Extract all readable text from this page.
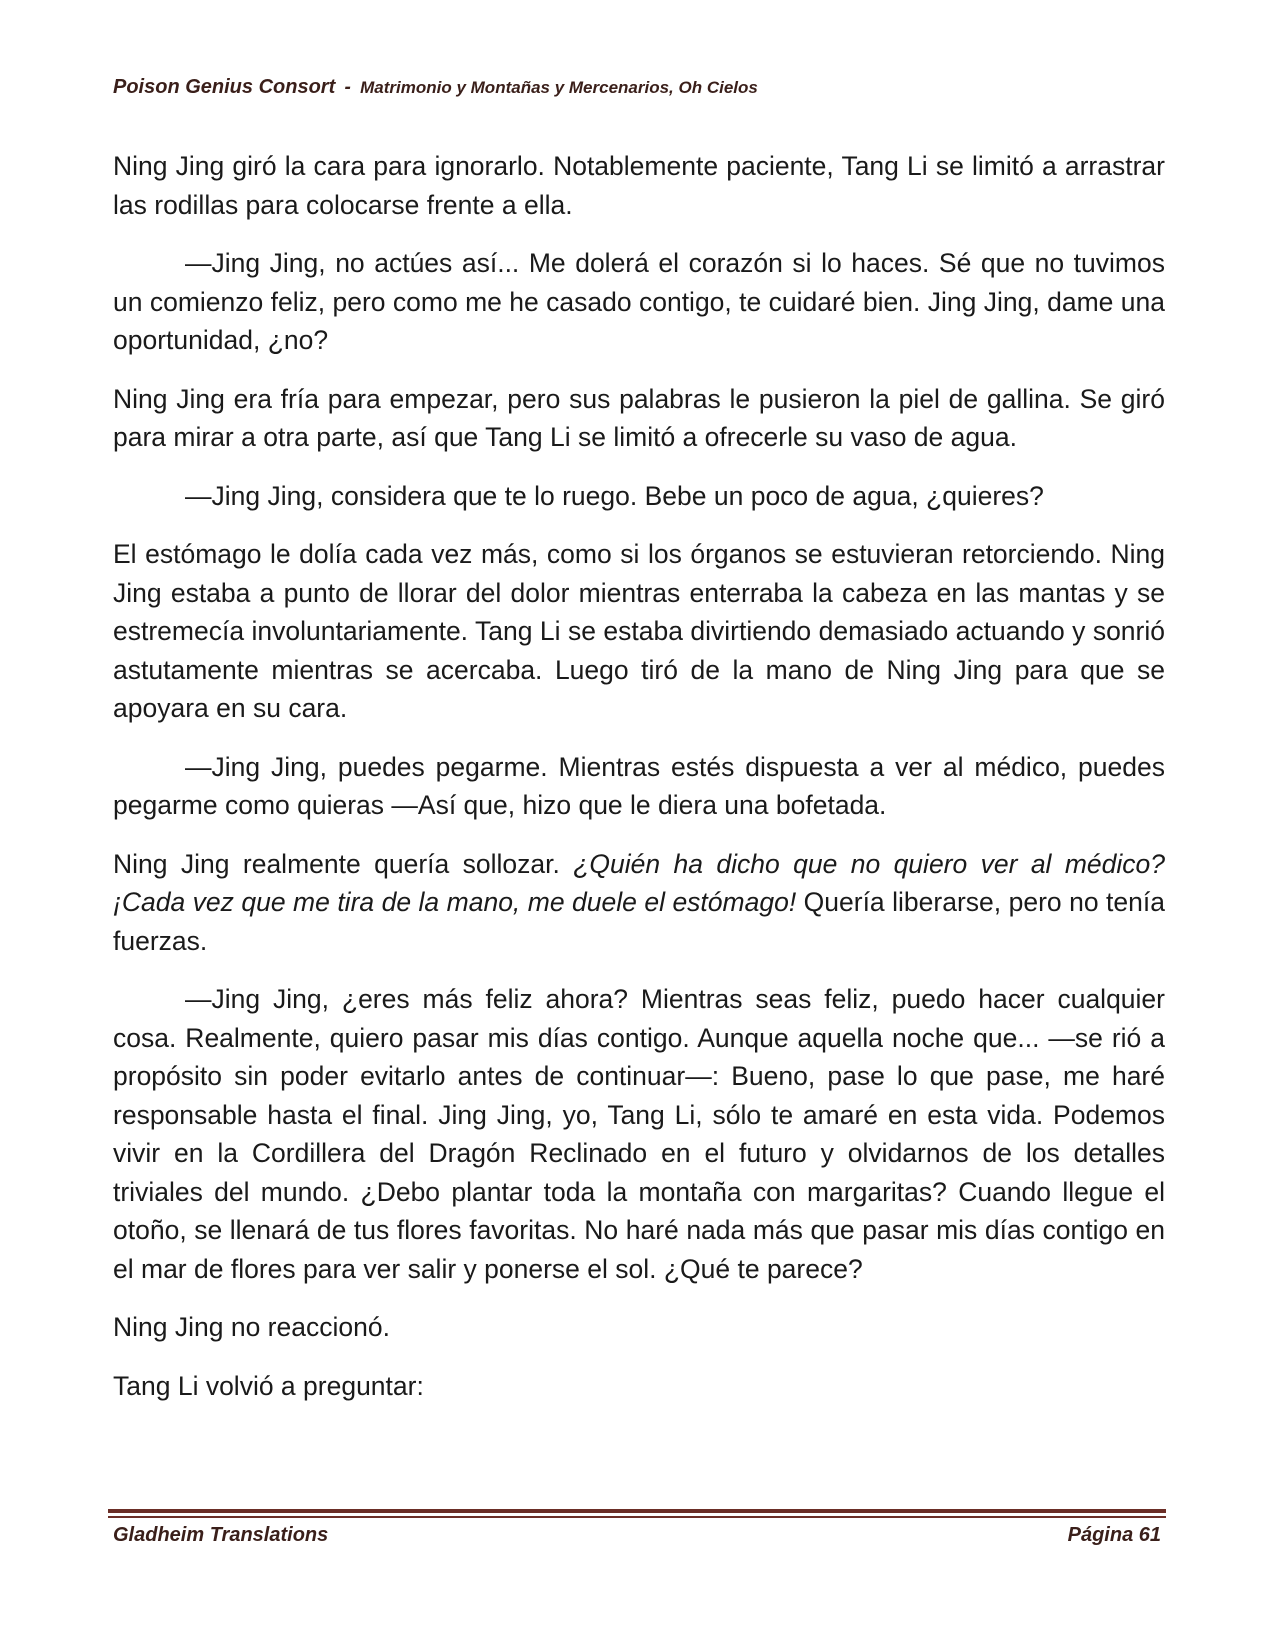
Poison Genius Consort - Matrimonio y Montañas y Mercenarios, Oh Cielos

Ning Jing giró la cara para ignorarlo. Notablemente paciente, Tang Li se limitó a arrastrar las rodillas para colocarse frente a ella.

—Jing Jing, no actúes así... Me dolerá el corazón si lo haces. Sé que no tuvimos un comienzo feliz, pero como me he casado contigo, te cuidaré bien. Jing Jing, dame una oportunidad, ¿no?

Ning Jing era fría para empezar, pero sus palabras le pusieron la piel de gallina. Se giró para mirar a otra parte, así que Tang Li se limitó a ofrecerle su vaso de agua.

—Jing Jing, considera que te lo ruego. Bebe un poco de agua, ¿quieres?

El estómago le dolía cada vez más, como si los órganos se estuvieran retorciendo. Ning Jing estaba a punto de llorar del dolor mientras enterraba la cabeza en las mantas y se estremecía involuntariamente. Tang Li se estaba divirtiendo demasiado actuando y sonrió astutamente mientras se acercaba. Luego tiró de la mano de Ning Jing para que se apoyara en su cara.

—Jing Jing, puedes pegarme. Mientras estés dispuesta a ver al médico, puedes pegarme como quieras —Así que, hizo que le diera una bofetada.

Ning Jing realmente quería sollozar. ¿Quién ha dicho que no quiero ver al médico? ¡Cada vez que me tira de la mano, me duele el estómago! Quería liberarse, pero no tenía fuerzas.

—Jing Jing, ¿eres más feliz ahora? Mientras seas feliz, puedo hacer cualquier cosa. Realmente, quiero pasar mis días contigo. Aunque aquella noche que... —se rió a propósito sin poder evitarlo antes de continuar—: Bueno, pase lo que pase, me haré responsable hasta el final. Jing Jing, yo, Tang Li, sólo te amaré en esta vida. Podemos vivir en la Cordillera del Dragón Reclinado en el futuro y olvidarnos de los detalles triviales del mundo. ¿Debo plantar toda la montaña con margaritas? Cuando llegue el otoño, se llenará de tus flores favoritas. No haré nada más que pasar mis días contigo en el mar de flores para ver salir y ponerse el sol. ¿Qué te parece?

Ning Jing no reaccionó.

Tang Li volvió a preguntar:

Gladheim Translations	Página 61
